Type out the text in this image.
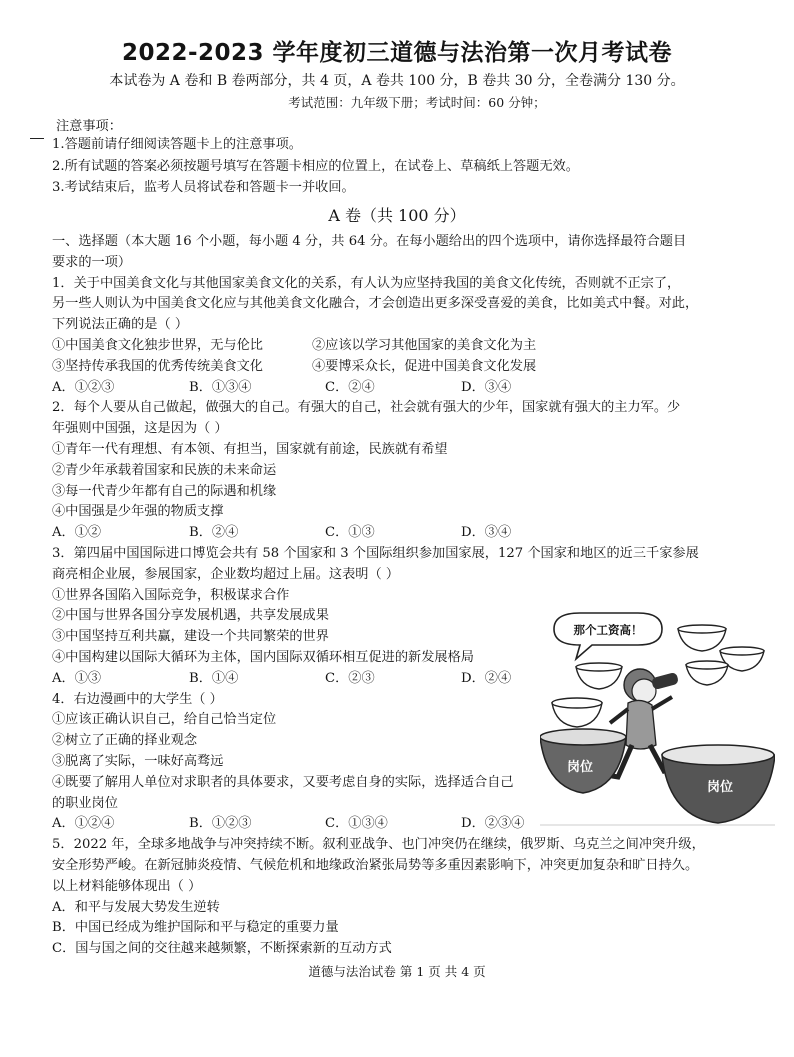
2022-2023 学年度初三道德与法治第一次月考试卷
本试卷为 A 卷和 B 卷两部分，共 4 页，A 卷共 100 分，B 卷共 30 分，全卷满分 130 分。
考试范围：九年级下册；考试时间：60 分钟；
注意事项：
1.答题前请仔细阅读答题卡上的注意事项。
2.所有试题的答案必须按题号填写在答题卡相应的位置上，在试卷上、草稿纸上答题无效。
3.考试结束后，监考人员将试卷和答题卡一并收回。
A 卷（共 100 分）
一、选择题（本大题 16 个小题，每小题 4 分，共 64 分。在每小题给出的四个选项中，请你选择最符合题目
要求的一项）
1．关于中国美食文化与其他国家美食文化的关系，有人认为应坚持我国的美食文化传统，否则就不正宗了，
另一些人则认为中国美食文化应与其他美食文化融合，才会创造出更多深受喜爱的美食，比如美式中餐。对此，
下列说法正确的是（ ）
①中国美食文化独步世界，无与伦比	②应该以学习其他国家的美食文化为主
③坚持传承我国的优秀传统美食文化	④要博采众长，促进中国美食文化发展
A．①②③	B．①③④	C．②④	D．③④
2．每个人要从自己做起，做强大的自己。有强大的自己，社会就有强大的少年，国家就有强大的主力军。少
年强则中国强，这是因为（ ）
①青年一代有理想、有本领、有担当，国家就有前途，民族就有希望
②青少年承载着国家和民族的未来命运
③每一代青少年都有自己的际遇和机缘
④中国强是少年强的物质支撑
A．①②	B．②④	C．①③	D．③④
3．第四届中国国际进口博览会共有 58 个国家和 3 个国际组织参加国家展，127 个国家和地区的近三千家参展
商亮相企业展，参展国家，企业数均超过上届。这表明（ ）
①世界各国陷入国际竞争，积极谋求合作
②中国与世界各国分享发展机遇，共享发展成果
③中国坚持互利共赢，建设一个共同繁荣的世界
④中国构建以国际大循环为主体，国内国际双循环相互促进的新发展格局
A．①③	B．①④	C．②③	D．②④
4．右边漫画中的大学生（ ）
①应该正确认识自己，给自己恰当定位
②树立了正确的择业观念
③脱离了实际，一味好高骛远
④既要了解用人单位对求职者的具体要求，又要考虑自身的实际，选择适合自己
的职业岗位
A．①②④	B．①②③	C．①③④	D．②③④
5．2022 年，全球多地战争与冲突持续不断。叙利亚战争、也门冲突仍在继续，俄罗斯、乌克兰之间冲突升级，
安全形势严峻。在新冠肺炎疫情、气候危机和地缘政治紧张局势等多重因素影响下，冲突更加复杂和旷日持久。
以上材料能够体现出（ ）
A．和平与发展大势发生逆转
B．中国已经成为维护国际和平与稳定的重要力量
C．国与国之间的交往越来越频繁，不断探索新的互动方式
那个工资高！
岗位
岗位
道德与法治试卷 第 1 页 共 4 页
